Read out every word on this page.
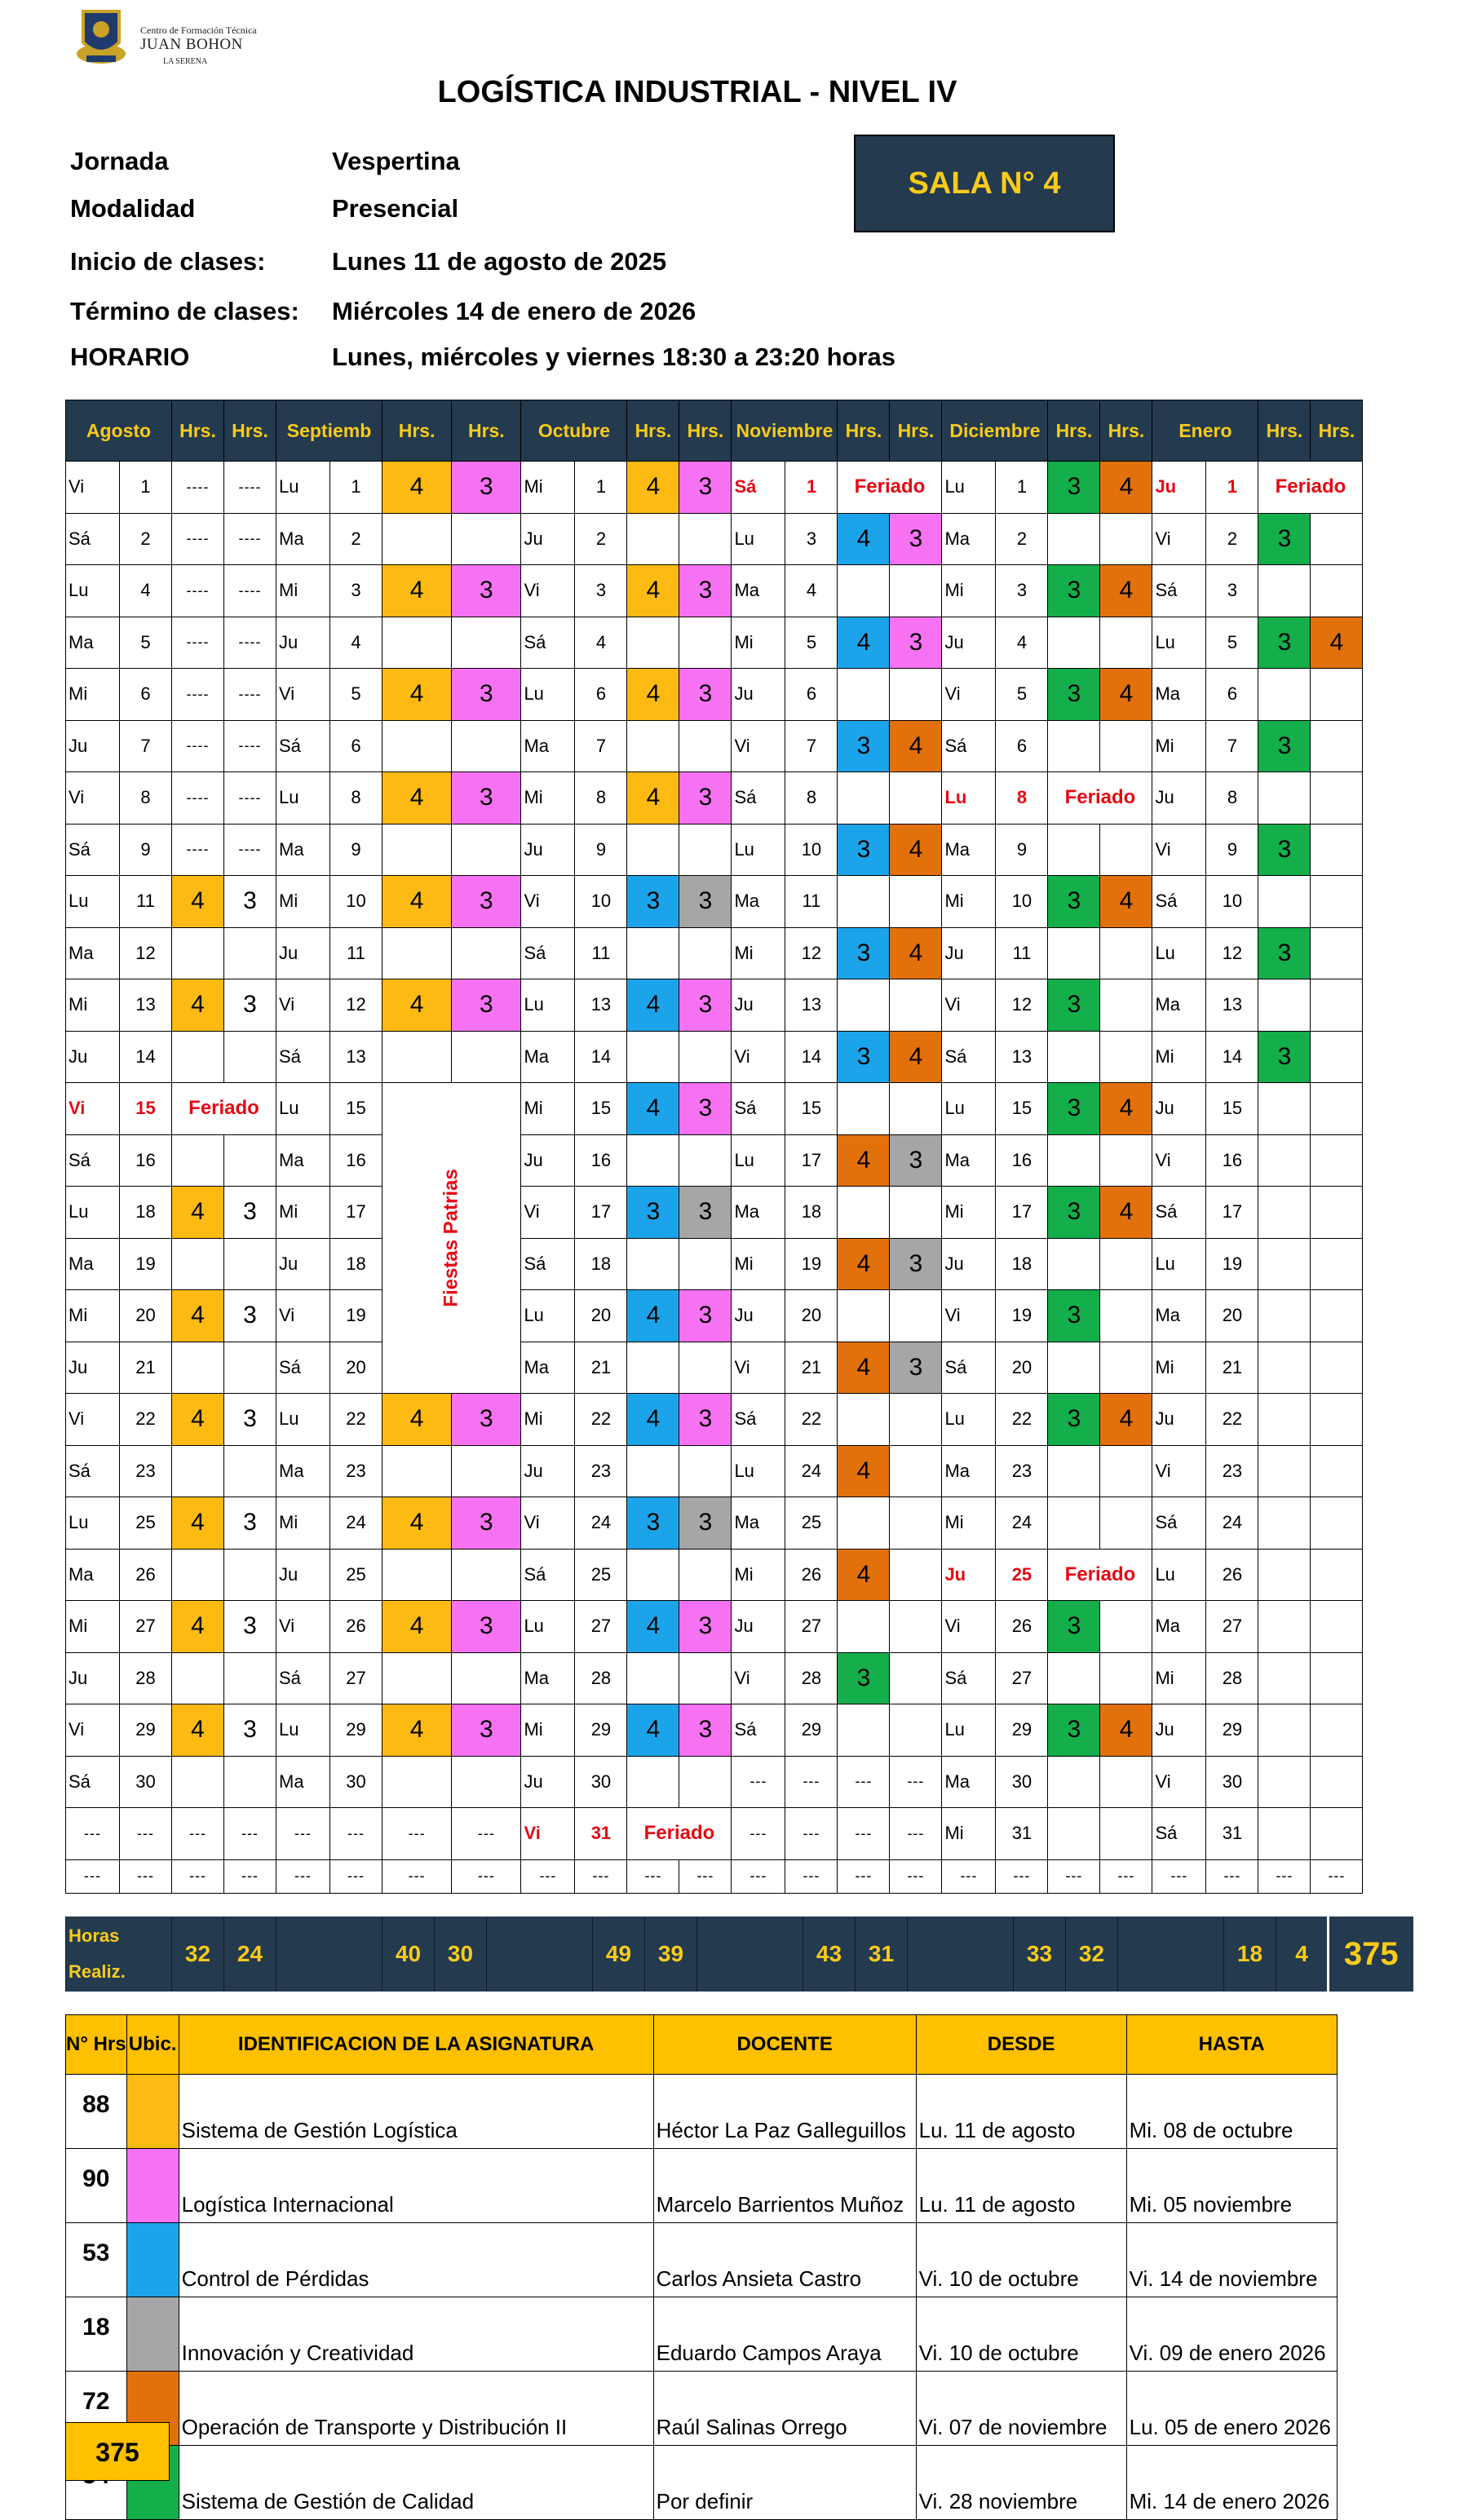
Centro de Formación Técnica
JUAN BOHON
LA SERENA
LOGÍSTICA INDUSTRIAL - NIVEL IV
Jornada	Vespertina
Modalidad	Presencial
Inicio de clases:	Lunes 11 de agosto de 2025
Término de clases: Miércoles 14 de enero de 2026
HORARIO	Lunes, miércoles y viernes 18:30 a 23:20 horas
SALA N° 4
Agosto		Hrs.	Hrs.	Septiemb		Hrs.	Hrs.	Octubre		Hrs.	Hrs.	Noviembre		Hrs.	Hrs.	Diciembre		Hrs.	Hrs.	Enero		Hrs.	Hrs.
Vi	1	----	----	Lu	1	4	3	Mi	1	4	3	Sá	1	Feriado		Lu	1	3	4	Ju	1	Feriado	
Sá	2	----	----	Ma	2			Ju	2			Lu	3	4	3	Ma	2			Vi	2	3	
Lu	4	----	----	Mi	3	4	3	Vi	3	4	3	Ma	4			Mi	3	3	4	Sá	3		
Ma	5	----	----	Ju	4			Sá	4			Mi	5	4	3	Ju	4			Lu	5	3	4
Mi	6	----	----	Vi	5	4	3	Lu	6	4	3	Ju	6			Vi	5	3	4	Ma	6		
Ju	7	----	----	Sá	6			Ma	7			Vi	7	3	4	Sá	6			Mi	7	3	
Vi	8	----	----	Lu	8	4	3	Mi	8	4	3	Sá	8			Lu	8	Feriado		Ju	8		
Sá	9	----	----	Ma	9			Ju	9			Lu	10	3	4	Ma	9			Vi	9	3	
Lu	11	4	3	Mi	10	4	3	Vi	10	3	3	Ma	11			Mi	10	3	4	Sá	10		
Ma	12			Ju	11			Sá	11			Mi	12	3	4	Ju	11			Lu	12	3	
Mi	13	4	3	Vi	12	4	3	Lu	13	4	3	Ju	13			Vi	12	3		Ma	13		
Ju	14			Sá	13			Ma	14			Vi	14	3	4	Sá	13			Mi	14	3	
Vi	15	Feriado		Lu	15	Fiestas Patrias		Mi	15	4	3	Sá	15			Lu	15	3	4	Ju	15		
Sá	16			Ma	16			Ju	16			Lu	17	4	3	Ma	16			Vi	16		
Lu	18	4	3	Mi	17			Vi	17	3	3	Ma	18			Mi	17	3	4	Sá	17		
Ma	19			Ju	18			Sá	18			Mi	19	4	3	Ju	18			Lu	19		
Mi	20	4	3	Vi	19			Lu	20	4	3	Ju	20			Vi	19	3		Ma	20		
Ju	21			Sá	20			Ma	21			Vi	21	4	3	Sá	20			Mi	21		
Vi	22	4	3	Lu	22	4	3	Mi	22	4	3	Sá	22			Lu	22	3	4	Ju	22		
Sá	23			Ma	23			Ju	23			Lu	24	4		Ma	23			Vi	23		
Lu	25	4	3	Mi	24	4	3	Vi	24	3	3	Ma	25			Mi	24			Sá	24		
Ma	26			Ju	25			Sá	25			Mi	26	4		Ju	25	Feriado		Lu	26		
Mi	27	4	3	Vi	26	4	3	Lu	27	4	3	Ju	27			Vi	26	3		Ma	27		
Ju	28			Sá	27			Ma	28			Vi	28	3		Sá	27			Mi	28		
Vi	29	4	3	Lu	29	4	3	Mi	29	4	3	Sá	29			Lu	29	3	4	Ju	29		
Sá	30			Ma	30			Ju	30			---	---	---	---	Ma	30			Vi	30		
---	---	---	---	---	---	---	---	Vi	31	Feriado		---	---	---	---	Mi	31			Sá	31		
---	---	---	---	---	---	---	---	---	---	---	---	---	---	---	---	---	---	---	---	---	---	---	---
Horas
Realiz.
	32	24		40	30		49	39		43	31		33	32		18	4	375
N° Hrs	Ubic.	IDENTIFICACION DE LA ASIGNATURA	DOCENTE	DESDE	HASTA
88		Sistema de Gestión Logística	Héctor La Paz Galleguillos	Lu. 11 de agosto	Mi. 08 de octubre
90		Logística Internacional	Marcelo Barrientos Muñoz	Lu. 11 de agosto	Mi. 05 noviembre
53		Control de Pérdidas	Carlos Ansieta Castro	Vi. 10 de octubre	Vi. 14 de noviembre
18		Innovación y Creatividad	Eduardo Campos Araya	Vi. 10 de octubre	Vi. 09 de enero 2026
72		Operación de Transporte y Distribución II	Raúl Salinas Orrego	Vi. 07 de noviembre	Lu. 05 de enero 2026
		Sistema de Gestión de Calidad	Por definir	Vi. 28 noviembre	Mi. 14 de enero 2026
375
